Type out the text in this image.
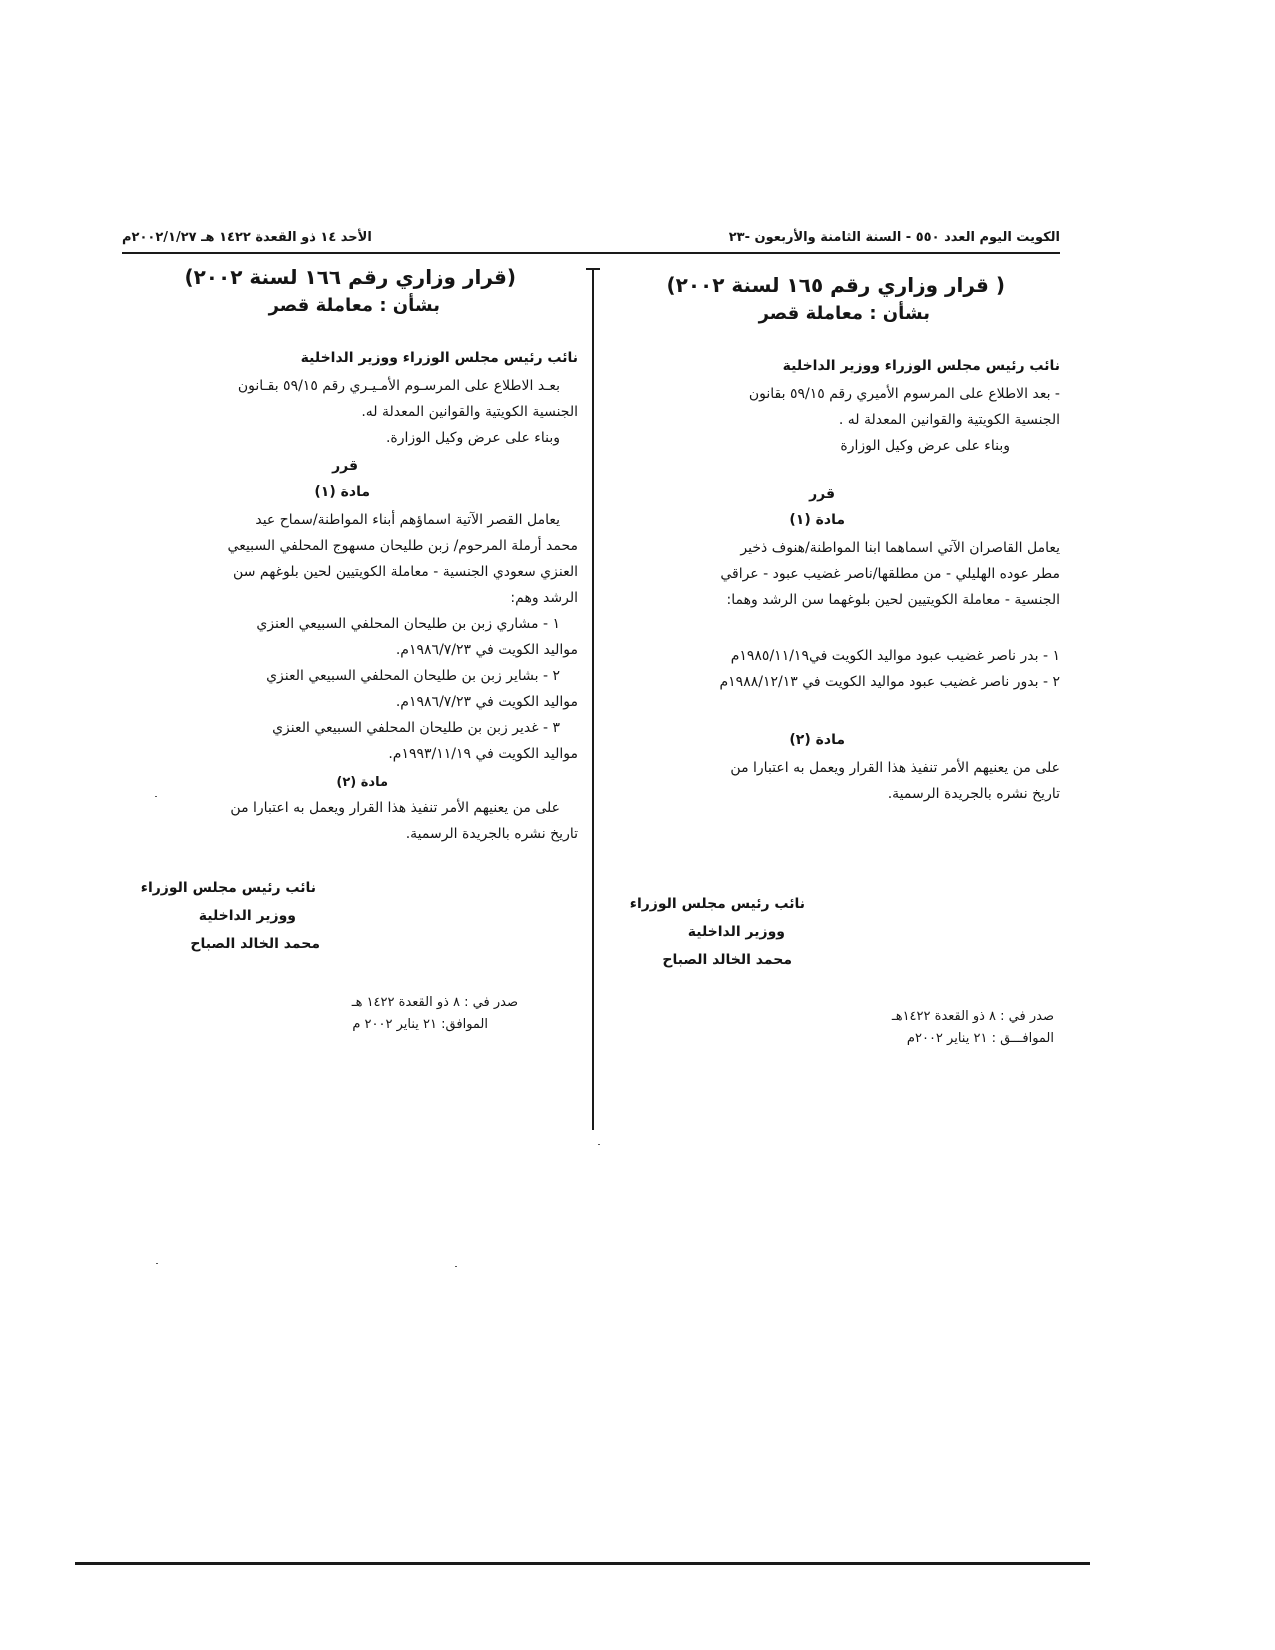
الكويت اليوم العدد ٥٥٠ - السنة الثامنة والأربعون -٢٣
الأحد ١٤ ذو القعدة ١٤٢٢ هـ ٢٠٠٢/١/٢٧م
( قرار وزاري رقم ١٦٥ لسنة ٢٠٠٢)
بشأن : معاملة قصر
نائب رئيس مجلس الوزراء ووزير الداخلية
- بعد الاطلاع على المرسوم الأميري رقم ٥٩/١٥ بقانون
الجنسية الكويتية والقوانين المعدلة له .
وبناء على عرض وكيل الوزارة
قرر
مادة (١)
يعامل القاصران الآتي اسماهما ابنا المواطنة/هنوف ذخير
مطر عوده الهليلي - من مطلقها/ناصر غضيب عبود - عراقي
الجنسية - معاملة الكويتيين لحين بلوغهما سن الرشد وهما:
١ - بدر ناصر غضيب عبود مواليد الكويت في١٩٨٥/١١/١٩م
٢ - بدور ناصر غضيب عبود مواليد الكويت في ١٩٨٨/١٢/١٣م
مادة (٢)
على من يعنيهم الأمر تنفيذ هذا القرار ويعمل به اعتبارا من
تاريخ نشره بالجريدة الرسمية.
نائب رئيس مجلس الوزراء
ووزير الداخلية
محمد الخالد الصباح
صدر في : ٨ ذو القعدة ١٤٢٢هـ
الموافـــق : ٢١ يناير ٢٠٠٢م
(قرار وزاري رقم ١٦٦ لسنة ٢٠٠٢)
بشأن : معاملة قصر
نائب رئيس مجلس الوزراء ووزير الداخلية
بعـد الاطلاع على المرسـوم الأمـيـري رقم ٥٩/١٥ بقـانون
الجنسية الكويتية والقوانين المعدلة له.
وبناء على عرض وكيل الوزارة.
قرر
مادة (١)
يعامل القصر الآتية اسماؤهم أبناء المواطنة/سماح عيد
محمد أرملة المرحوم/ زبن طليحان مسهوج المحلفي السبيعي
العنزي سعودي الجنسية - معاملة الكويتيين لحين بلوغهم سن
الرشد وهم:
١ - مشاري زبن بن طليحان المحلفي السبيعي العنزي
مواليد الكويت في ١٩٨٦/٧/٢٣م.
٢ - بشاير زبن بن طليحان المحلفي السبيعي العنزي
مواليد الكويت في ١٩٨٦/٧/٢٣م.
٣ - غدير زبن بن طليحان المحلفي السبيعي العنزي
مواليد الكويت في ١٩٩٣/١١/١٩م.
مادة (٢)
على من يعنيهم الأمر تنفيذ هذا القرار ويعمل به اعتبارا من
تاريخ نشره بالجريدة الرسمية.
نائب رئيس مجلس الوزراء
ووزير الداخلية
محمد الخالد الصباح
صدر في : ٨ ذو القعدة ١٤٢٢ هـ
الموافق: ٢١ يناير ٢٠٠٢ م
